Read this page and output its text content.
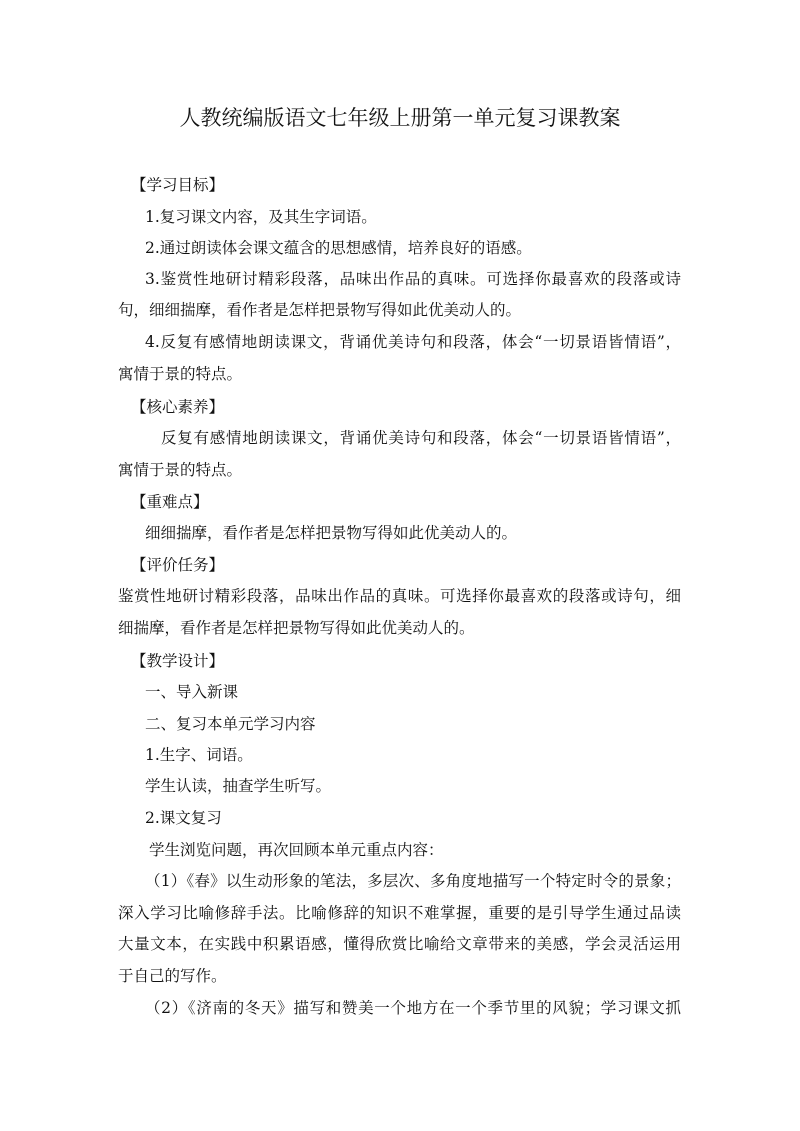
人教统编版语文七年级上册第一单元复习课教案
【学习目标】
1.复习课文内容，及其生字词语。
2.通过朗读体会课文蕴含的思想感情，培养良好的语感。
3.鉴赏性地研讨精彩段落，品味出作品的真味。可选择你最喜欢的段落或诗
句，细细揣摩，看作者是怎样把景物写得如此优美动人的。
4.反复有感情地朗读课文，背诵优美诗句和段落，体会“一切景语皆情语”，
寓情于景的特点。
【核心素养】
反复有感情地朗读课文，背诵优美诗句和段落，体会“一切景语皆情语”，
寓情于景的特点。
【重难点】
细细揣摩，看作者是怎样把景物写得如此优美动人的。
【评价任务】
鉴赏性地研讨精彩段落，品味出作品的真味。可选择你最喜欢的段落或诗句，细
细揣摩，看作者是怎样把景物写得如此优美动人的。
【教学设计】
一、导入新课
二、复习本单元学习内容
1.生字、词语。
学生认读，抽查学生听写。
2.课文复习
学生浏览问题，再次回顾本单元重点内容：
（1）《春》以生动形象的笔法，多层次、多角度地描写一个特定时令的景象；
深入学习比喻修辞手法。比喻修辞的知识不难掌握，重要的是引导学生通过品读
大量文本，在实践中积累语感，懂得欣赏比喻给文章带来的美感，学会灵活运用
于自己的写作。
（2）《济南的冬天》描写和赞美一个地方在一个季节里的风貌；学习课文抓
